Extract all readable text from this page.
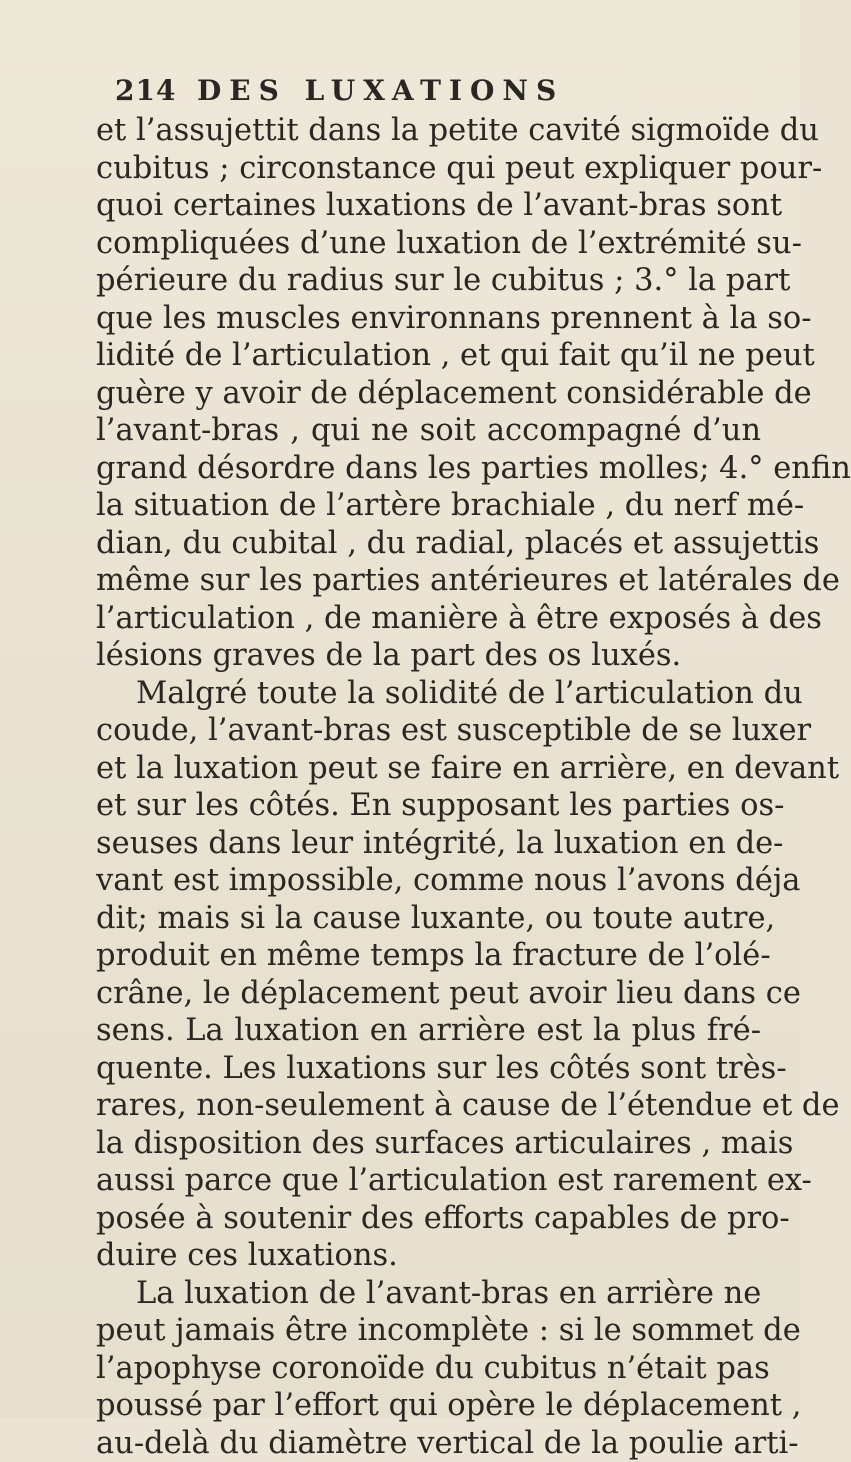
214 DES LUXATIONS
et l’assujettit dans la petite cavité sigmoïde du
cubitus ; circonstance qui peut expliquer pour-
quoi certaines luxations de l’avant-bras sont
compliquées d’une luxation de l’extrémité su-
périeure du radius sur le cubitus ; 3.° la part
que les muscles environnans prennent à la so-
lidité de l’articulation , et qui fait qu’il ne peut
guère y avoir de déplacement considérable de
l’avant-bras , qui ne soit accompagné d’un
grand désordre dans les parties molles; 4.° enfin
la situation de l’artère brachiale , du nerf mé-
dian, du cubital , du radial, placés et assujettis
même sur les parties antérieures et latérales de
l’articulation , de manière à être exposés à des
lésions graves de la part des os luxés.
Malgré toute la solidité de l’articulation du
coude, l’avant-bras est susceptible de se luxer
et la luxation peut se faire en arrière, en devant
et sur les côtés. En supposant les parties os-
seuses dans leur intégrité, la luxation en de-
vant est impossible, comme nous l’avons déja
dit; mais si la cause luxante, ou toute autre,
produit en même temps la fracture de l’olé-
crâne, le déplacement peut avoir lieu dans ce
sens. La luxation en arrière est la plus fré-
quente. Les luxations sur les côtés sont très-
rares, non-seulement à cause de l’étendue et de
la disposition des surfaces articulaires , mais
aussi parce que l’articulation est rarement ex-
posée à soutenir des efforts capables de pro-
duire ces luxations.
La luxation de l’avant-bras en arrière ne
peut jamais être incomplète : si le sommet de
l’apophyse coronoïde du cubitus n’était pas
poussé par l’effort qui opère le déplacement ,
au-delà du diamètre vertical de la poulie arti-
